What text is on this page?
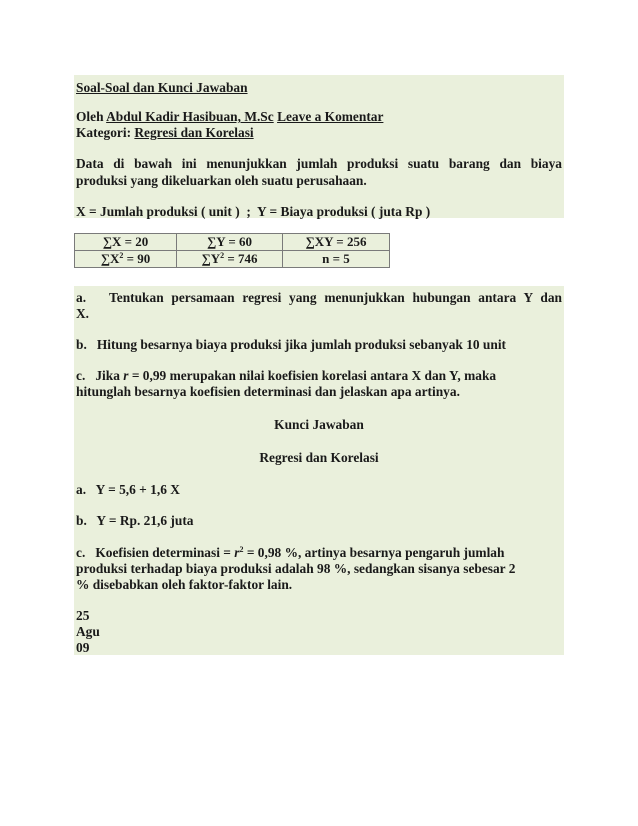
Soal-Soal dan Kunci Jawaban
Oleh Abdul Kadir Hasibuan, M.Sc Leave a Komentar
Kategori: Regresi dan Korelasi
Data di bawah ini menunjukkan jumlah produksi suatu barang dan biaya
produksi yang dikeluarkan oleh suatu perusahaan.
X = Jumlah produksi ( unit )  ;  Y = Biaya produksi ( juta Rp )
∑X = 20	∑Y = 60	∑XY = 256
$\sum X^2 = 90$	$\sum Y^2 = 746$	n = 5
a.   Tentukan persamaan regresi yang menunjukkan hubungan antara Y dan
X.
b.   Hitung besarnya biaya produksi jika jumlah produksi sebanyak 10 unit
c.   Jika r = 0,99 merupakan nilai koefisien korelasi antara X dan Y, maka
hitunglah besarnya koefisien determinasi dan jelaskan apa artinya.
Kunci Jawaban
Regresi dan Korelasi
a.   Y = 5,6 + 1,6 X
b.   Y = Rp. 21,6 juta
c.   Koefisien determinasi = $r^2 = 0,98$ %, artinya besarnya pengaruh jumlah
produksi terhadap biaya produksi adalah 98 %, sedangkan sisanya sebesar 2
% disebabkan oleh faktor-faktor lain.
25
Agu
09
